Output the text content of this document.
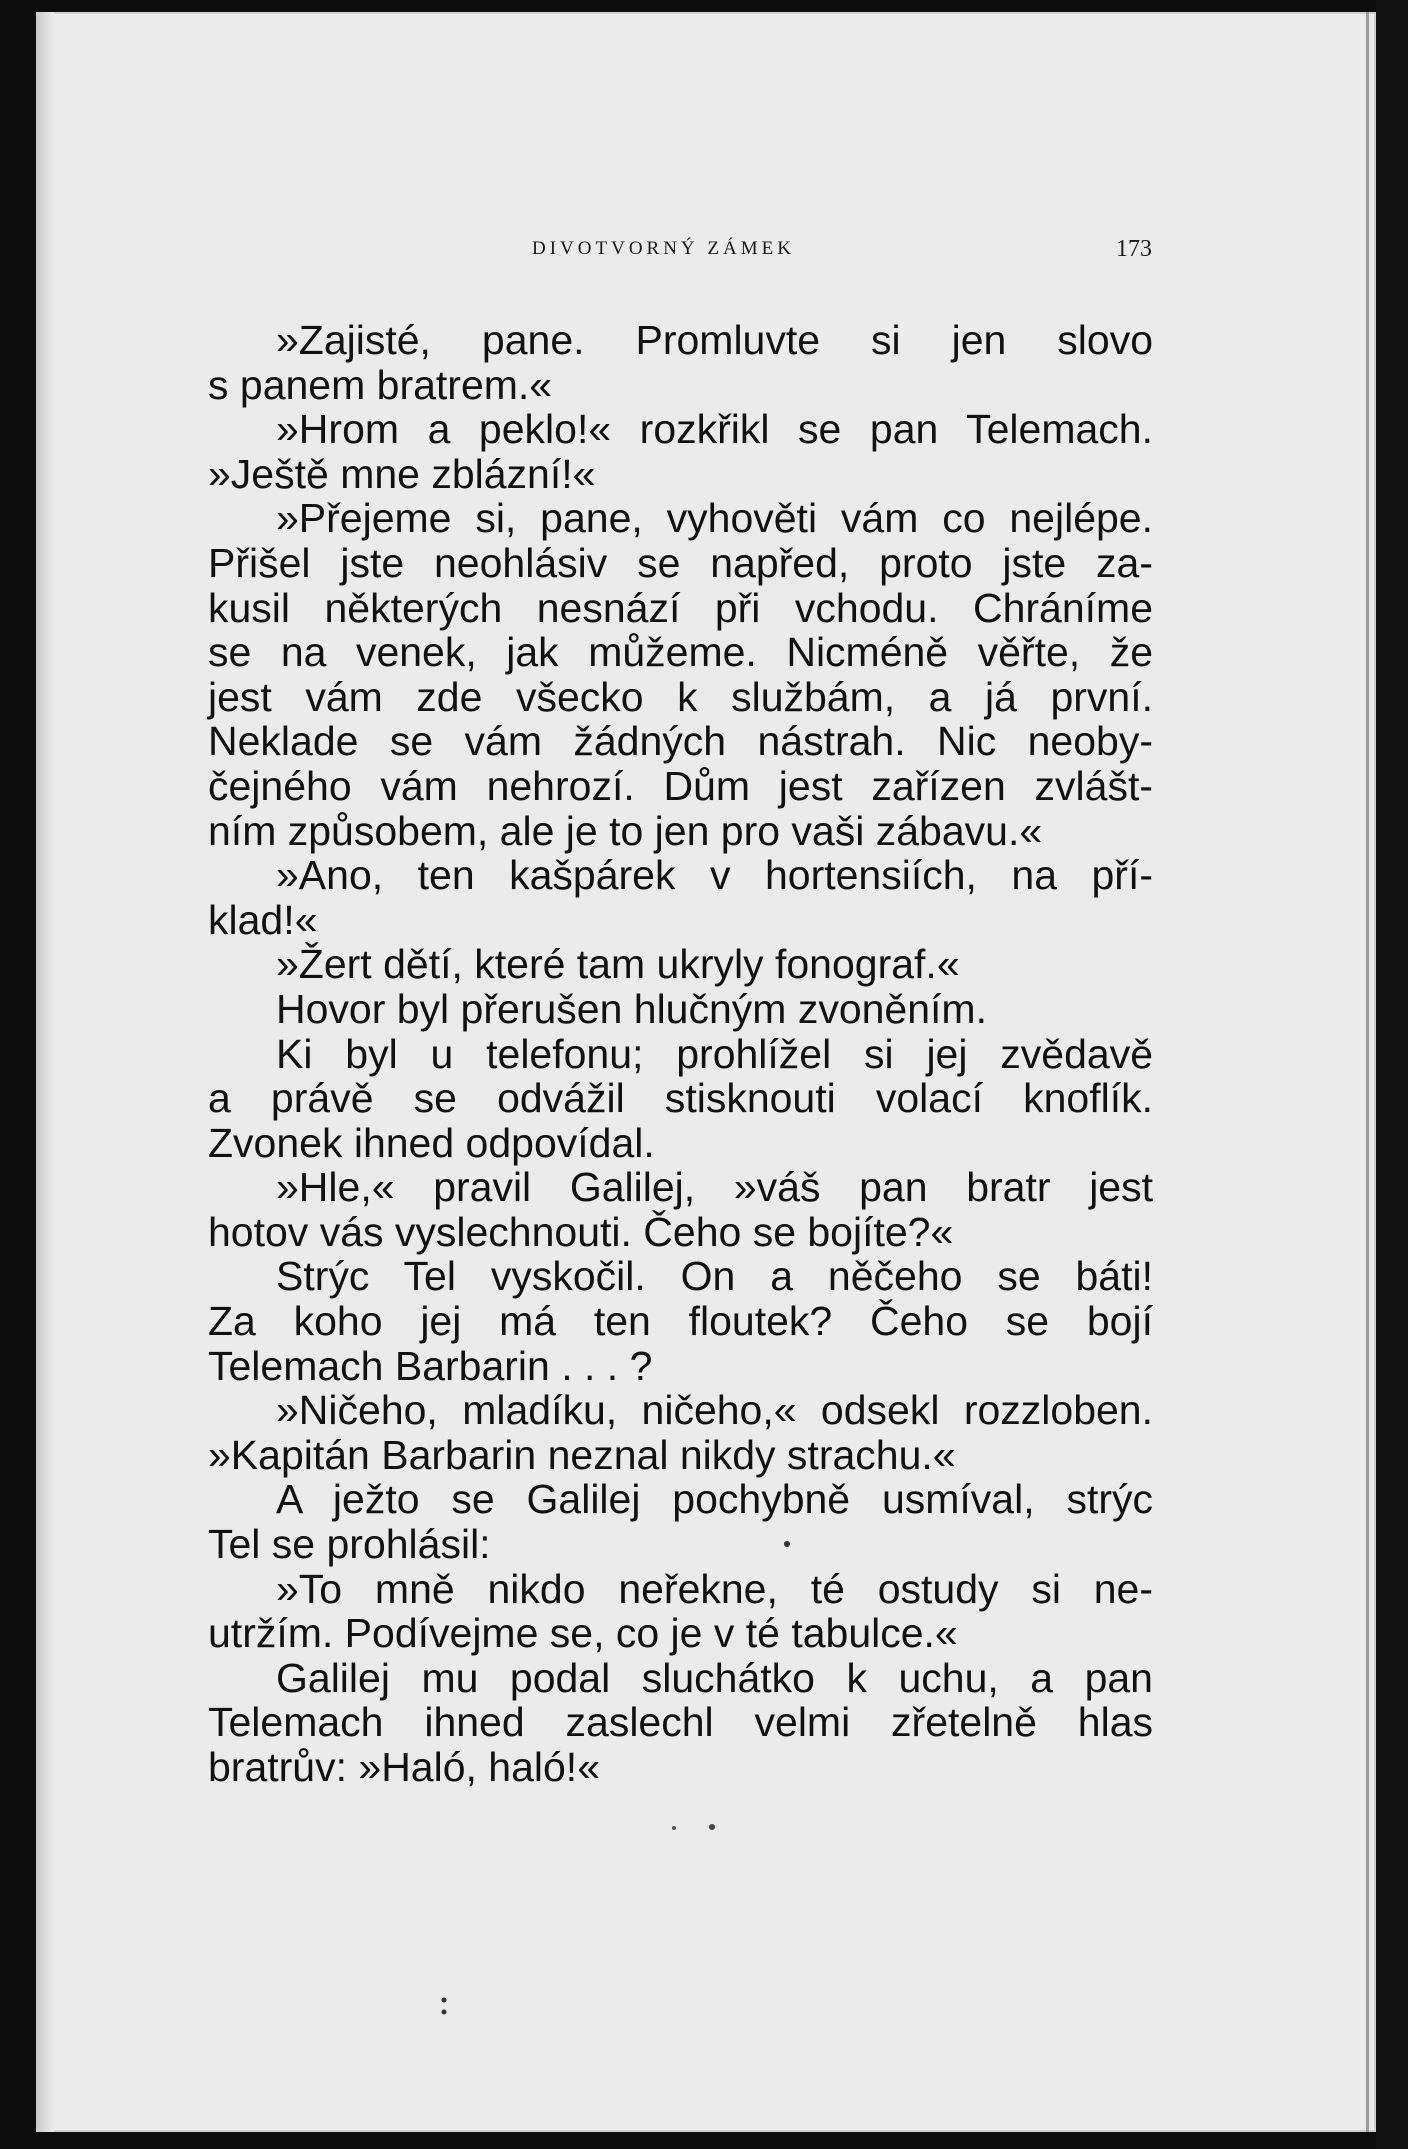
DIVOTVORNÝ ZÁMEK	173
»Zajisté, pane. Promluvte si jen slovo
s panem bratrem.«
»Hrom a peklo!« rozkřikl se pan Telemach.
»Ještě mne zblázní!«
»Přejeme si, pane, vyhověti vám co nejlépe.
Přišel jste neohlásiv se napřed, proto jste za-
kusil některých nesnází při vchodu. Chráníme
se na venek, jak můžeme. Nicméně věřte, že
jest vám zde všecko k službám, a já první.
Neklade se vám žádných nástrah. Nic neoby-
čejného vám nehrozí. Dům jest zařízen zvlášt-
ním způsobem, ale je to jen pro vaši zábavu.«
»Ano, ten kašpárek v hortensiích, na pří-
klad!«
»Žert dětí, které tam ukryly fonograf.«
Hovor byl přerušen hlučným zvoněním.
Ki byl u telefonu; prohlížel si jej zvědavě
a právě se odvážil stisknouti volací knoflík.
Zvonek ihned odpovídal.
»Hle,« pravil Galilej, »váš pan bratr jest
hotov vás vyslechnouti. Čeho se bojíte?«
Strýc Tel vyskočil. On a něčeho se báti!
Za koho jej má ten floutek? Čeho se bojí
Telemach Barbarin . . . ?
»Ničeho, mladíku, ničeho,« odsekl rozzloben.
»Kapitán Barbarin neznal nikdy strachu.«
A ježto se Galilej pochybně usmíval, strýc
Tel se prohlásil:
»To mně nikdo neřekne, té ostudy si ne-
utržím. Podívejme se, co je v té tabulce.«
Galilej mu podal sluchátko k uchu, a pan
Telemach ihned zaslechl velmi zřetelně hlas
bratrův: »Haló, haló!«
